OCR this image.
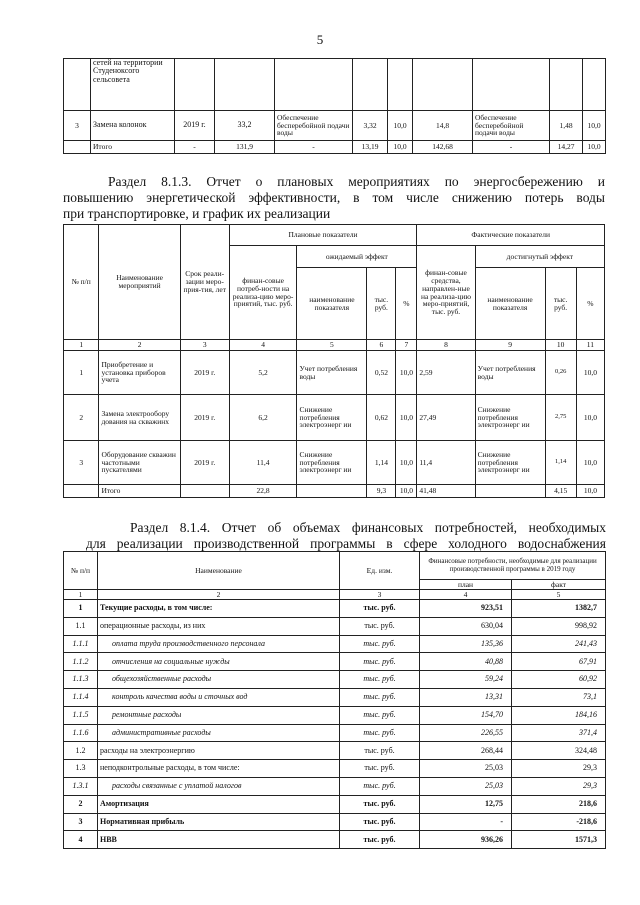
5
	сетей на территории Студеноксого сельсовета									
3	Замена колонок	2019 г.	33,2	Обеспечение бесперебойной подачи воды	3,32	10,0	14,8	Обеспечение бесперебойной подачи воды	1,48	10,0
	Итого	-	131,9	-	13,19	10,0	142,68	-	14,27	10,0
Раздел 8.1.3. Отчет о плановых мероприятиях по энергосбережению и
повышению энергетической эффективности, в том числе снижению потерь воды
при транспортировке, и график их реализации
№ п/п	Наименование мероприятий	Срок реали-зации меро-прия-тия, лет	Плановые показатели				Фактические показатели			
			финан-совые потреб-ности на реализа-цию меро-приятий, тыс. руб.	ожидаемый эффект			финан-совые средства, направлен-ные на реализа-цию меро-приятий, тыс. руб.	достигнутый эффект		
				наименование показателя	тыс. руб.	%		наименование показателя	тыс. руб.	%
1	2	3	4	5	6	7	8	9	10	11
1	Приобретение и установка приборов учета	2019 г.	5,2	Учет потребления воды	0,52	10,0	2,59	Учет потребления воды	0,26	10,0
2	Замена электрообору дования на скважинх	2019 г.	6,2	Снижение потребления электроэнерг ии	0,62	10,0	27,49	Снижение потребления электроэнерг ии	2,75	10,0
3	Оборудование скважин частотными пускателями	2019 г.	11,4	Снижение потребления электроэнерг ии	1,14	10,0	11,4	Снижение потребления электроэнерг ии	1,14	10,0
	Итого		22,8		9,3	10,0	41,48		4,15	10,0
Раздел 8.1.4. Отчет об объемах финансовых потребностей, необходимых
для реализации производственной программы в сфере холодного водоснабжения
№ п/п	Наименование	Ед. изм.	Финансовые потребности, необходимые для реализации производственной программы в 2019 году	
			план	факт
1	2	3	4	5
1	Текущие расходы, в том числе:	тыс. руб.	923,51	1382,7
1.1	операционные расходы, из них	тыс. руб.	630,04	998,92
1.1.1	оплата труда производственного персонала	тыс. руб.	135,36	241,43
1.1.2	отчисления на социальные нужды	тыс. руб.	40,88	67,91
1.1.3	общехозяйственные расходы	тыс. руб.	59,24	60,92
1.1.4	контроль качества воды и сточных вод	тыс. руб.	13,31	73,1
1.1.5	ремонтные расходы	тыс. руб.	154,70	184,16
1.1.6	административные расходы	тыс. руб.	226,55	371,4
1.2	расходы на электроэнергию	тыс. руб.	268,44	324,48
1.3	неподконтрольные расходы, в том числе:	тыс. руб.	25,03	29,3
1.3.1	расходы связанные с уплатой налогов	тыс. руб.	25,03	29,3
2	Амортизация	тыс. руб.	12,75	218,6
3	Нормативная прибыль	тыс. руб.	-	-218,6
4	НВВ	тыс. руб.	936,26	1571,3
